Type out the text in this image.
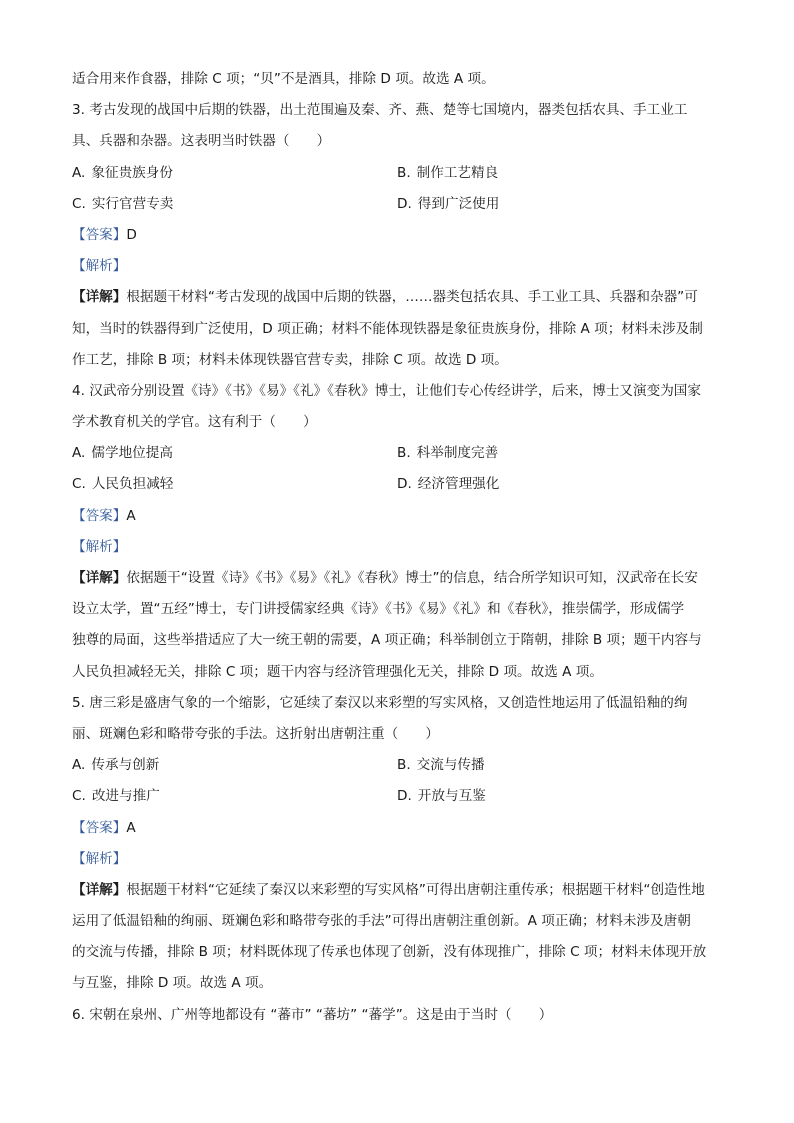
适合用来作食器，排除 C 项；“贝”不是酒具，排除 D 项。故选 A 项。
3. 考古发现的战国中后期的铁器，出土范围遍及秦、齐、燕、楚等七国境内，器类包括农具、手工业工
具、兵器和杂器。这表明当时铁器（　　）
A. 象征贵族身份	B. 制作工艺精良
C. 实行官营专卖	D. 得到广泛使用
【答案】D
【解析】
【详解】根据题干材料“考古发现的战国中后期的铁器，……器类包括农具、手工业工具、兵器和杂器”可
知，当时的铁器得到广泛使用，D 项正确；材料不能体现铁器是象征贵族身份，排除 A 项；材料未涉及制
作工艺，排除 B 项；材料未体现铁器官营专卖，排除 C 项。故选 D 项。
4. 汉武帝分别设置《诗》《书》《易》《礼》《春秋》博士，让他们专心传经讲学，后来，博士又演变为国家
学术教育机关的学官。这有利于（　　）
A. 儒学地位提高	B. 科举制度完善
C. 人民负担减轻	D. 经济管理强化
【答案】A
【解析】
【详解】依据题干“设置《诗》《书》《易》《礼》《春秋》博士”的信息，结合所学知识可知，汉武帝在长安
设立太学，置“五经”博士，专门讲授儒家经典《诗》《书》《易》《礼》和《春秋》，推崇儒学，形成儒学
独尊的局面，这些举措适应了大一统王朝的需要，A 项正确；科举制创立于隋朝，排除 B 项；题干内容与
人民负担减轻无关，排除 C 项；题干内容与经济管理强化无关，排除 D 项。故选 A 项。
5. 唐三彩是盛唐气象的一个缩影，它延续了秦汉以来彩塑的写实风格，又创造性地运用了低温铅釉的绚
丽、斑斓色彩和略带夸张的手法。这折射出唐朝注重（　　）
A. 传承与创新	B. 交流与传播
C. 改进与推广	D. 开放与互鉴
【答案】A
【解析】
【详解】根据题干材料“它延续了秦汉以来彩塑的写实风格”可得出唐朝注重传承；根据题干材料“创造性地
运用了低温铅釉的绚丽、斑斓色彩和略带夸张的手法”可得出唐朝注重创新。A 项正确；材料未涉及唐朝
的交流与传播，排除 B 项；材料既体现了传承也体现了创新，没有体现推广，排除 C 项；材料未体现开放
与互鉴，排除 D 项。故选 A 项。
6. 宋朝在泉州、广州等地都设有 “蕃市” “蕃坊” “蕃学”。这是由于当时（　　）
